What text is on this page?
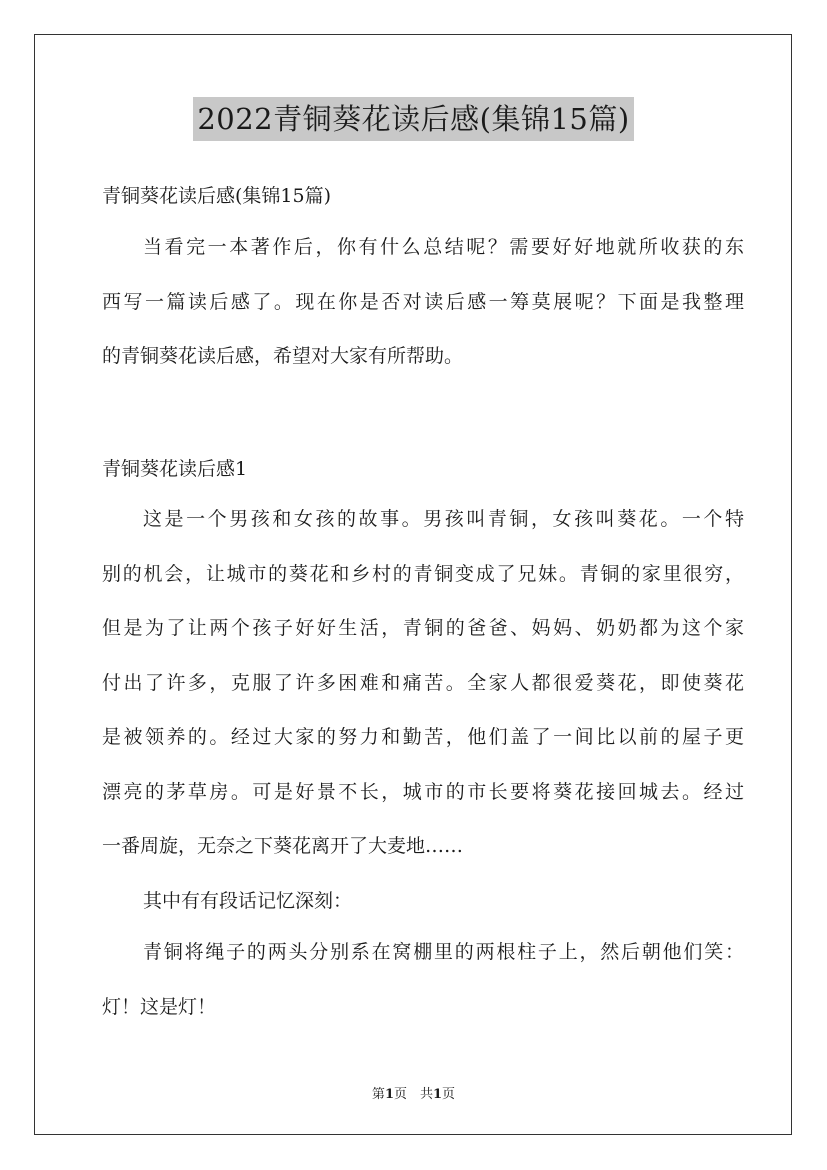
2022青铜葵花读后感(集锦15篇)
青铜葵花读后感(集锦15篇)
当看完一本著作后，你有什么总结呢？需要好好地就所收获的东
西写一篇读后感了。现在你是否对读后感一筹莫展呢？下面是我整理
的青铜葵花读后感，希望对大家有所帮助。
青铜葵花读后感1
这是一个男孩和女孩的故事。男孩叫青铜，女孩叫葵花。一个特
别的机会，让城市的葵花和乡村的青铜变成了兄妹。青铜的家里很穷，
但是为了让两个孩子好好生活，青铜的爸爸、妈妈、奶奶都为这个家
付出了许多，克服了许多困难和痛苦。全家人都很爱葵花，即使葵花
是被领养的。经过大家的努力和勤苦，他们盖了一间比以前的屋子更
漂亮的茅草房。可是好景不长，城市的市长要将葵花接回城去。经过
一番周旋，无奈之下葵花离开了大麦地……
其中有有段话记忆深刻：
青铜将绳子的两头分别系在窝棚里的两根柱子上，然后朝他们笑：
灯！这是灯！
第1页　共1页
